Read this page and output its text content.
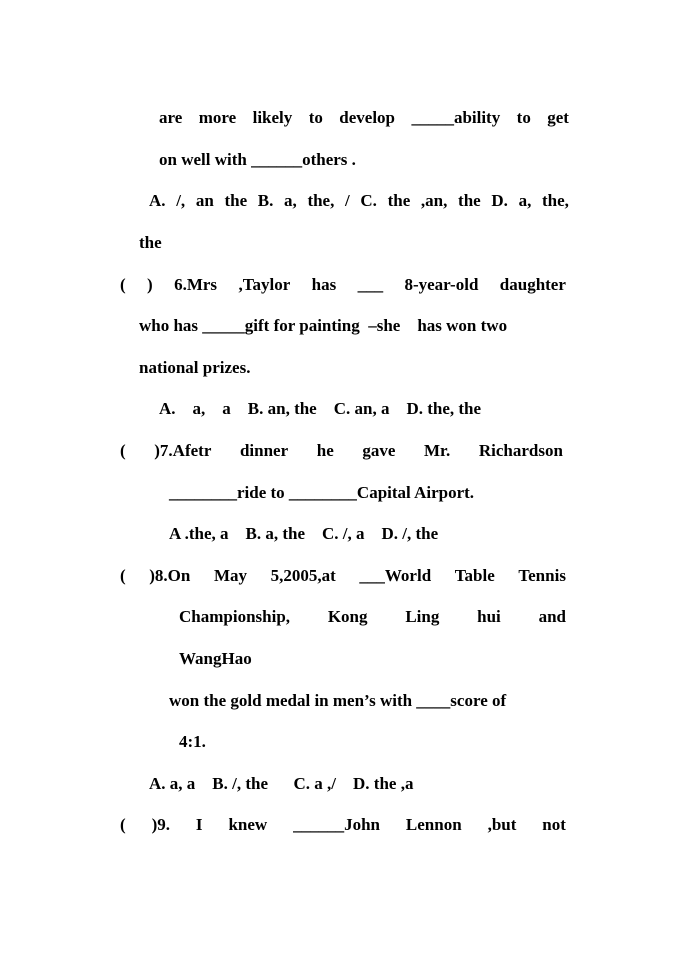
are more likely to develop _____ability to get
on well with ______others .
A. /, an the B. a, the, / C. the ,an, the D. a, the,
the
( ) 6.Mrs ,Taylor has ___ 8-year-old daughter
who has _____gift for painting  –she    has won two
national prizes.
A.    a,    a    B. an, the    C. an, a    D. the, the
( )7.Afetr dinner he gave Mr. Richardson
________ride to ________Capital Airport.
A .the, a    B. a, the    C. /, a    D. /, the
( )8.On May 5,2005,at ___World Table Tennis
Championship, Kong Ling hui and
WangHao
won the gold medal in men’s with ____score of
4:1.
A. a, a    B. /, the      C. a ,/    D. the ,a
( )9. I knew ______John Lennon ,but not
